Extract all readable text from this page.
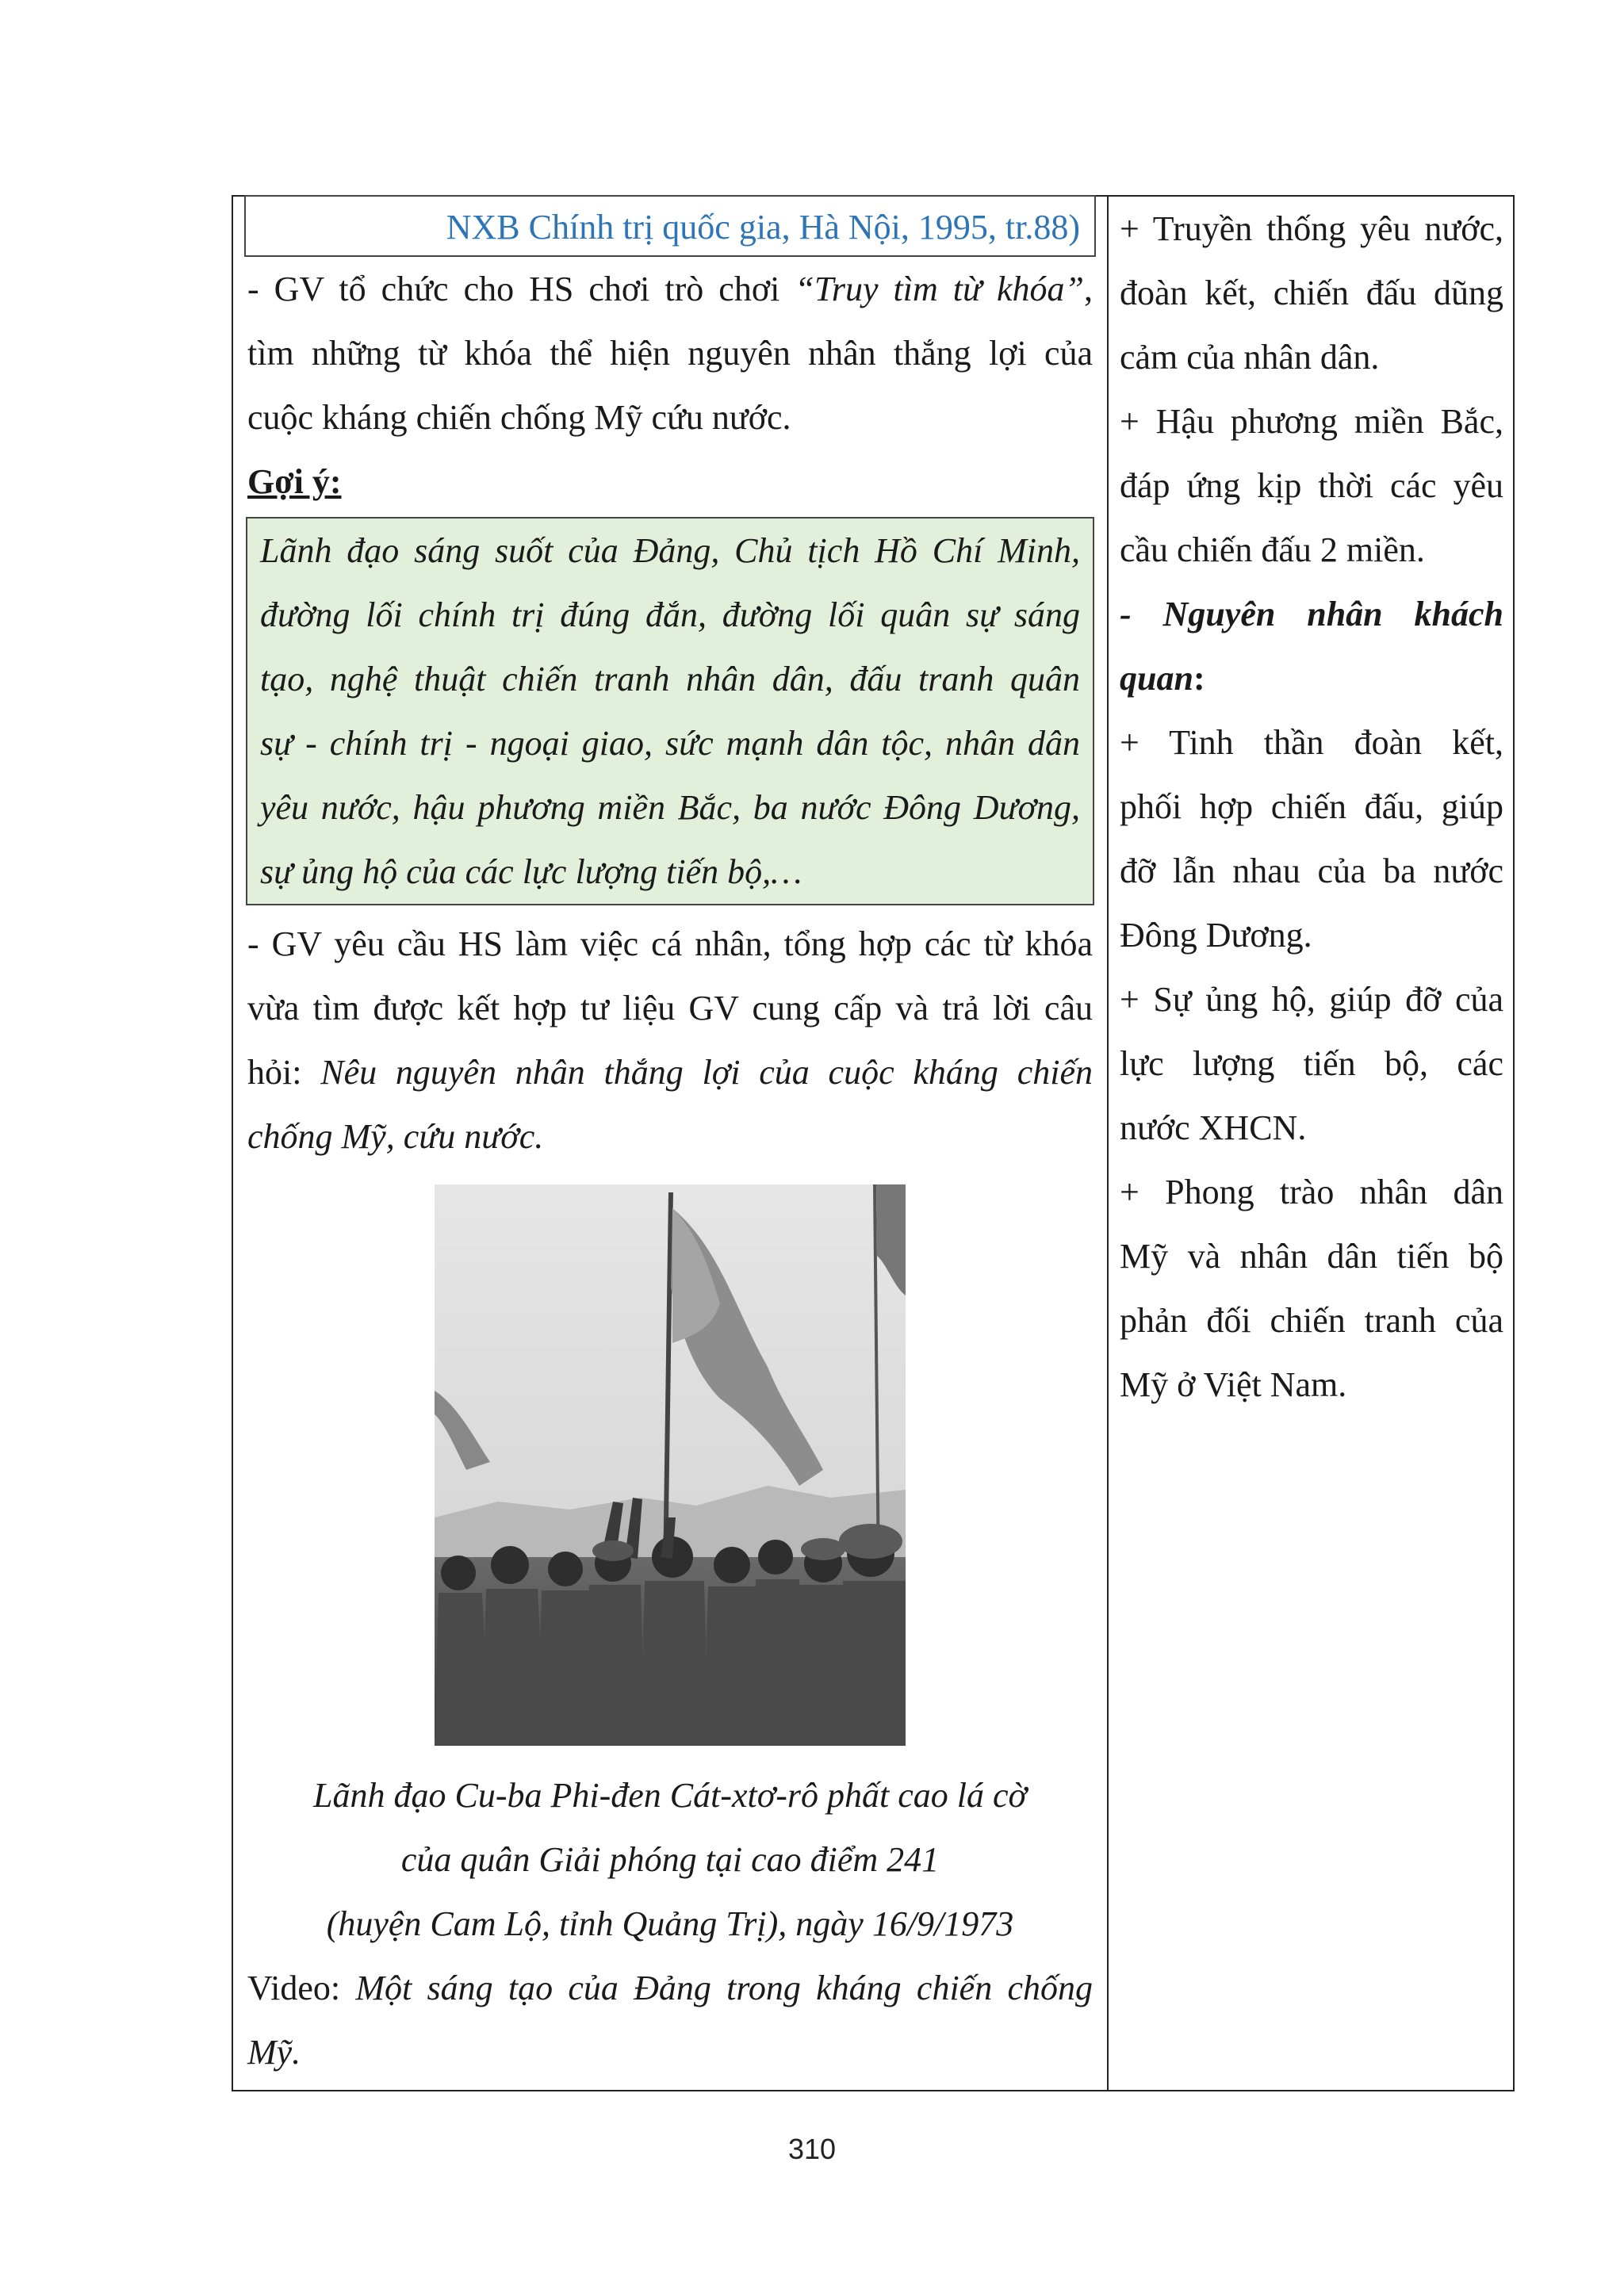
NXB Chính trị quốc gia, Hà Nội, 1995, tr.88)
- GV tổ chức cho HS chơi trò chơi “Truy tìm từ khóa”,
tìm những từ khóa thể hiện nguyên nhân thắng lợi của
cuộc kháng chiến chống Mỹ cứu nước.
Gợi ý:
Lãnh đạo sáng suốt của Đảng, Chủ tịch Hồ Chí Minh,
đường lối chính trị đúng đắn, đường lối quân sự sáng
tạo, nghệ thuật chiến tranh nhân dân, đấu tranh quân
sự - chính trị - ngoại giao, sức mạnh dân tộc, nhân dân
yêu nước, hậu phương miền Bắc, ba nước Đông Dương,
sự ủng hộ của các lực lượng tiến bộ,…
- GV yêu cầu HS làm việc cá nhân, tổng hợp các từ khóa
vừa tìm được kết hợp tư liệu GV cung cấp và trả lời câu
hỏi: Nêu nguyên nhân thắng lợi của cuộc kháng chiến
chống Mỹ, cứu nước.
Lãnh đạo Cu-ba Phi-đen Cát-xtơ-rô phất cao lá cờ
của quân Giải phóng tại cao điểm 241
(huyện Cam Lộ, tỉnh Quảng Trị), ngày 16/9/1973
Video: Một sáng tạo của Đảng trong kháng chiến chống
Mỹ.
+ Truyền thống yêu nước,
đoàn kết, chiến đấu dũng
cảm của nhân dân.
+ Hậu phương miền Bắc,
đáp ứng kịp thời các yêu
cầu chiến đấu 2 miền.
- Nguyên nhân khách
quan:
+ Tinh thần đoàn kết,
phối hợp chiến đấu, giúp
đỡ lẫn nhau của ba nước
Đông Dương.
+ Sự ủng hộ, giúp đỡ của
lực lượng tiến bộ, các
nước XHCN.
+ Phong trào nhân dân
Mỹ và nhân dân tiến bộ
phản đối chiến tranh của
Mỹ ở Việt Nam.
310
